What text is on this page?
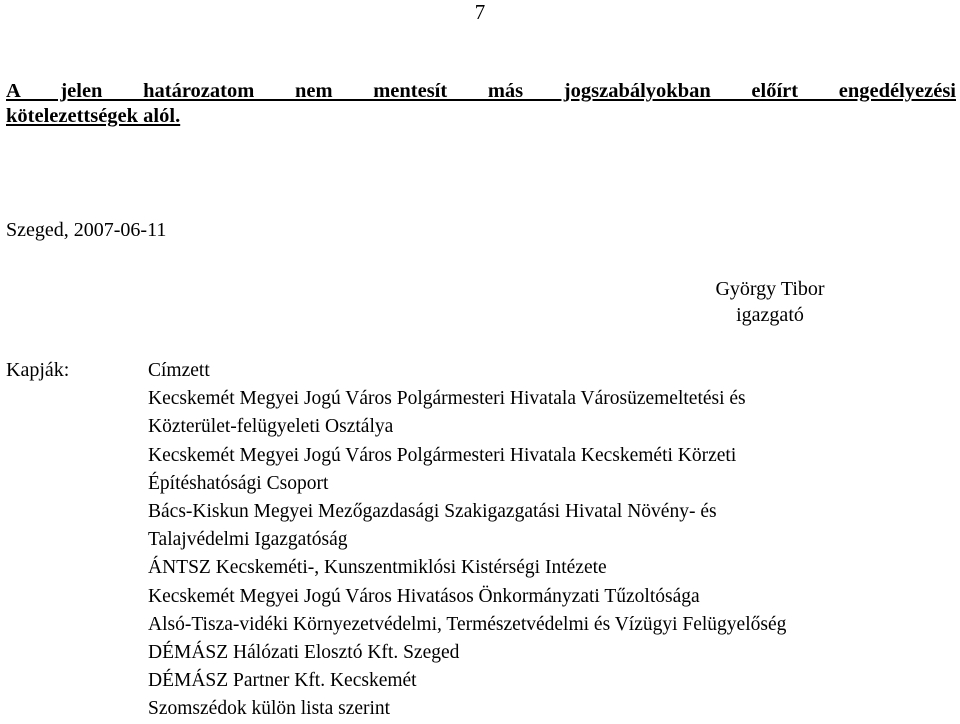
7
A jelen határozatom nem mentesít más jogszabályokban előírt engedélyezési
kötelezettségek alól.
Szeged, 2007-06-11
György Tibor
igazgató
Kapják:	Címzett
Kecskemét Megyei Jogú Város Polgármesteri Hivatala Városüzemeltetési és
Közterület-felügyeleti Osztálya
Kecskemét Megyei Jogú Város Polgármesteri Hivatala Kecskeméti Körzeti
Építéshatósági Csoport
Bács-Kiskun Megyei Mezőgazdasági Szakigazgatási Hivatal Növény- és
Talajvédelmi Igazgatóság
ÁNTSZ Kecskeméti-, Kunszentmiklósi Kistérségi Intézete
Kecskemét Megyei Jogú Város Hivatásos Önkormányzati Tűzoltósága
Alsó-Tisza-vidéki Környezetvédelmi, Természetvédelmi és Vízügyi Felügyelőség
DÉMÁSZ Hálózati Elosztó Kft. Szeged
DÉMÁSZ Partner Kft. Kecskemét
Szomszédok külön lista szerint
